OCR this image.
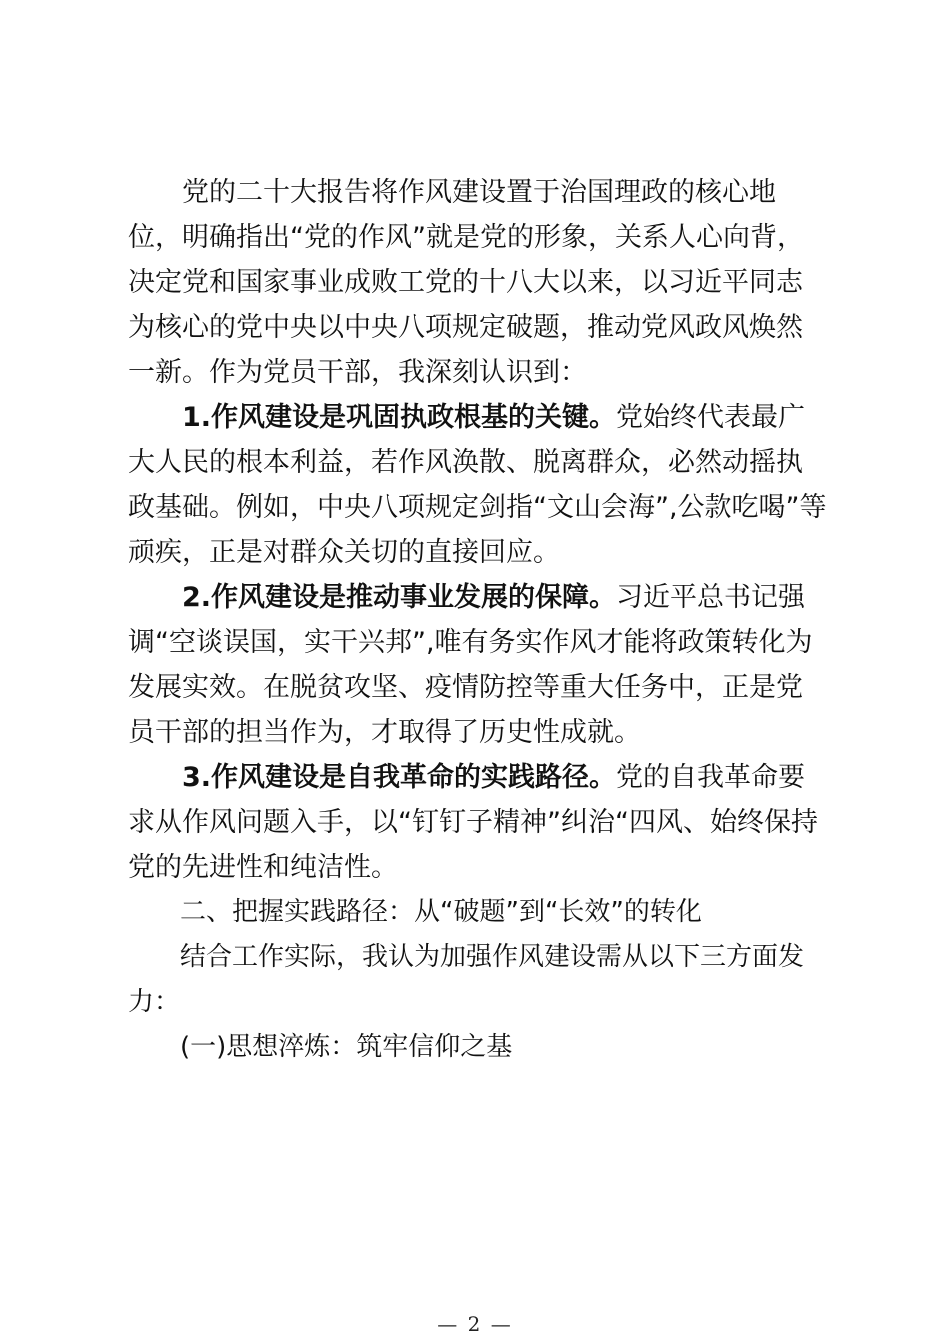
党的二十大报告将作风建设置于治国理政的核心地位，明确指出“党的作风”就是党的形象，关系人心向背，决定党和国家事业成败工党的十八大以来，以习近平同志为核心的党中央以中央八项规定破题，推动党风政风焕然一新。作为党员干部，我深刻认识到：

1.作风建设是巩固执政根基的关键。党始终代表最广大人民的根本利益，若作风涣散、脱离群众，必然动摇执政基础。例如，中央八项规定剑指“文山会海”,公款吃喝”等顽疾，正是对群众关切的直接回应。

2.作风建设是推动事业发展的保障。习近平总书记强调“空谈误国，实干兴邦”,唯有务实作风才能将政策转化为发展实效。在脱贫攻坚、疫情防控等重大任务中，正是党员干部的担当作为，才取得了历史性成就。

3.作风建设是自我革命的实践路径。党的自我革命要求从作风问题入手，以“钉钉子精神”纠治“四风、始终保持党的先进性和纯洁性。

二、把握实践路径：从“破题”到“长效”的转化

结合工作实际，我认为加强作风建设需从以下三方面发力：

(一)思想淬炼：筑牢信仰之基

— 2 —
